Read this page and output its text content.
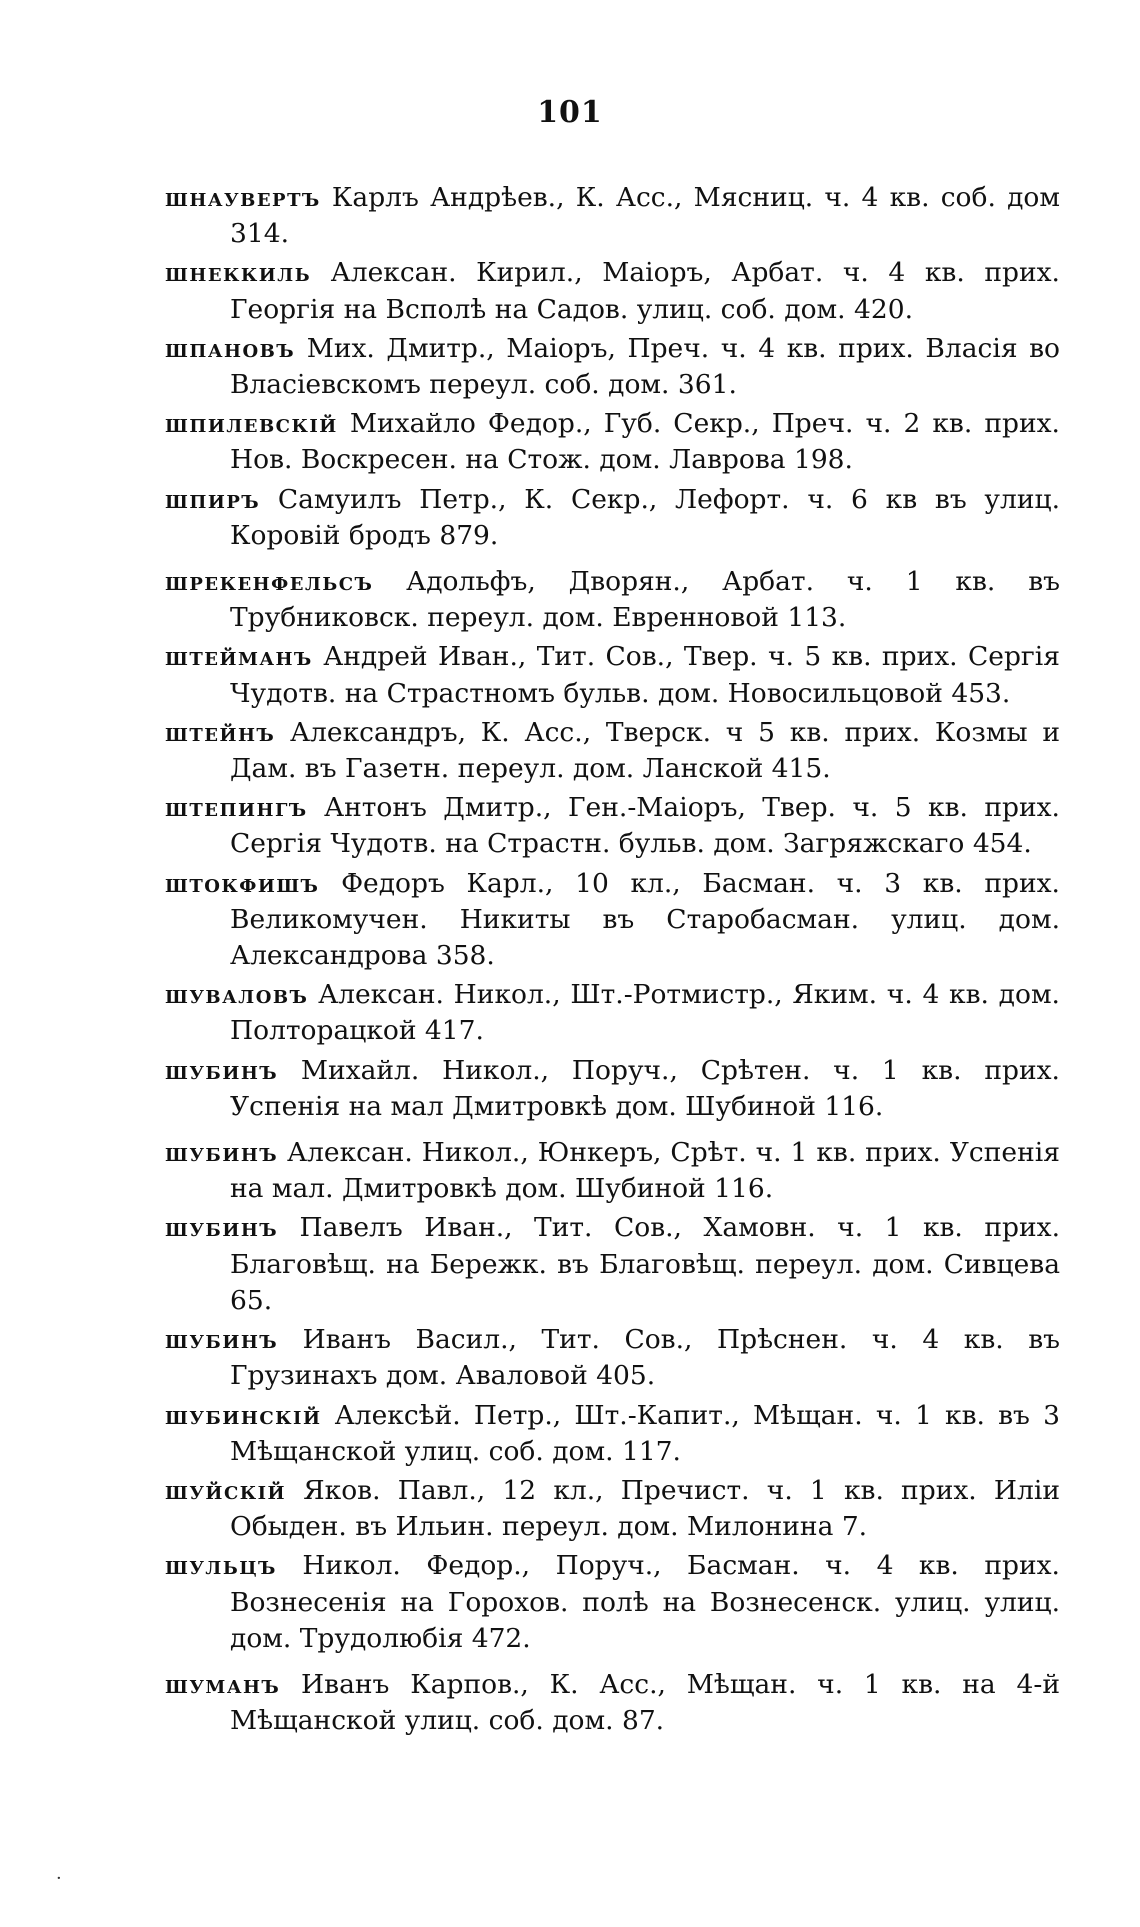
101

шнаувертъ Карлъ Андрѣев., К. Асс., Мясниц. ч. 4 кв. соб. дом 314.

шнеккиль Алексан. Кирил., Маіоръ, Арбат. ч. 4 кв. прих. Георгія на Всполѣ на Садов. улиц. соб. дом. 420.

шпановъ Мих. Дмитр., Маіоръ, Преч. ч. 4 кв. прих. Власія во Власіевскомъ переул. соб. дом. 361.

шпилевскій Михайло Федор., Губ. Секр., Преч. ч. 2 кв. прих. Нов. Воскресен. на Стож. дом. Лаврова 198.

шпиръ Самуилъ Петр., К. Секр., Лефорт. ч. 6 кв въ улиц. Коровій бродъ 879.

шрекенфельсъ Адольфъ, Дворян., Арбат. ч. 1 кв. въ Трубниковск. переул. дом. Евренновой 113.

штейманъ Андрей Иван., Тит. Сов., Твер. ч. 5 кв. прих. Сергія Чудотв. на Страстномъ бульв. дом. Новосильцовой 453.

штейнъ Александръ, К. Асс., Тверск. ч 5 кв. прих. Козмы и Дам. въ Газетн. переул. дом. Ланской 415.

штепингъ Антонъ Дмитр., Ген.-Маіоръ, Твер. ч. 5 кв. прих. Сергія Чудотв. на Страстн. бульв. дом. Загряжскаго 454.

штокфишъ Федоръ Карл., 10 кл., Басман. ч. 3 кв. прих. Великомучен. Никиты въ Старобасман. улиц. дом. Александрова 358.

шуваловъ Алексан. Никол., Шт.-Ротмистр., Яким. ч. 4 кв. дом. Полторацкой 417.

шубинъ Михайл. Никол., Поруч., Срѣтен. ч. 1 кв. прих. Успенія на мал Дмитровкѣ дом. Шубиной 116.

шубинъ Алексан. Никол., Юнкеръ, Срѣт. ч. 1 кв. прих. Успенія на мал. Дмитровкѣ дом. Шубиной 116.

шубинъ Павелъ Иван., Тит. Сов., Хамовн. ч. 1 кв. прих. Благовѣщ. на Бережк. въ Благовѣщ. переул. дом. Сивцева 65.

шубинъ Иванъ Васил., Тит. Сов., Прѣснен. ч. 4 кв. въ Грузинахъ дом. Аваловой 405.

шубинскій Алексѣй. Петр., Шт.-Капит., Мѣщан. ч. 1 кв. въ 3 Мѣщанской улиц. соб. дом. 117.

шуйскій Яков. Павл., 12 кл., Пречист. ч. 1 кв. прих. Иліи Обыден. въ Ильин. переул. дом. Милонина 7.

шульцъ Никол. Федор., Поруч., Басман. ч. 4 кв. прих. Вознесенія на Горохов. полѣ на Вознесенск. улиц. улиц. дом. Трудолюбія 472.

шуманъ Иванъ Карпов., К. Асс., Мѣщан. ч. 1 кв. на 4-й Мѣщанской улиц. соб. дом. 87.

·
